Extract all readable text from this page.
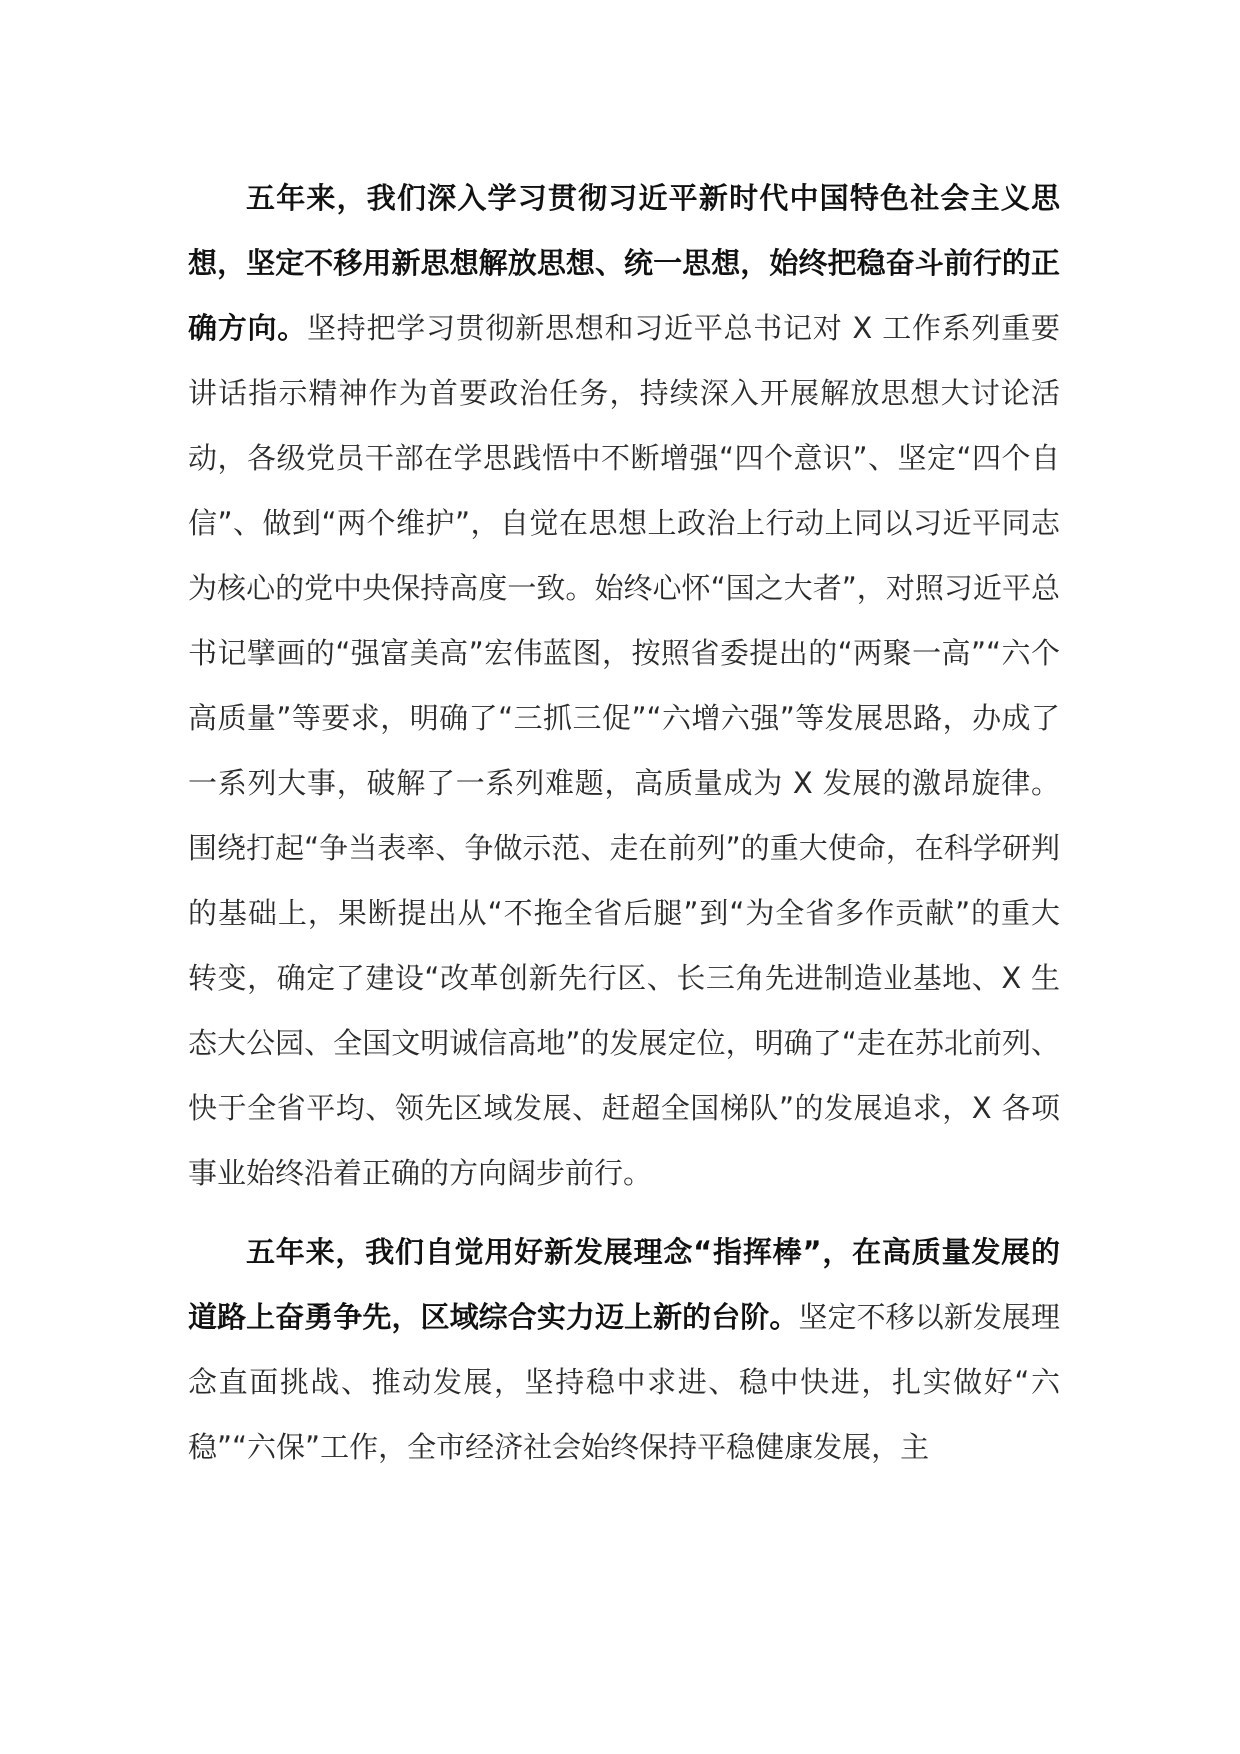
五年来，我们深入学习贯彻习近平新时代中国特色社会主义思想，坚定不移用新思想解放思想、统一思想，始终把稳奋斗前行的正确方向。坚持把学习贯彻新思想和习近平总书记对 X 工作系列重要讲话指示精神作为首要政治任务，持续深入开展解放思想大讨论活动，各级党员干部在学思践悟中不断增强“四个意识”、坚定“四个自信”、做到“两个维护”，自觉在思想上政治上行动上同以习近平同志为核心的党中央保持高度一致。始终心怀“国之大者”，对照习近平总书记擘画的“强富美高”宏伟蓝图，按照省委提出的“两聚一高”“六个高质量”等要求，明确了“三抓三促”“六增六强”等发展思路，办成了一系列大事，破解了一系列难题，高质量成为 X 发展的激昂旋律。围绕打起“争当表率、争做示范、走在前列”的重大使命，在科学研判的基础上，果断提出从“不拖全省后腿”到“为全省多作贡献”的重大转变，确定了建设“改革创新先行区、长三角先进制造业基地、X 生态大公园、全国文明诚信高地”的发展定位，明确了“走在苏北前列、快于全省平均、领先区域发展、赶超全国梯队”的发展追求，X 各项事业始终沿着正确的方向阔步前行。

五年来，我们自觉用好新发展理念“指挥棒”，在高质量发展的道路上奋勇争先，区域综合实力迈上新的台阶。坚定不移以新发展理念直面挑战、推动发展，坚持稳中求进、稳中快进，扎实做好“六稳”“六保”工作，全市经济社会始终保持平稳健康发展，主
